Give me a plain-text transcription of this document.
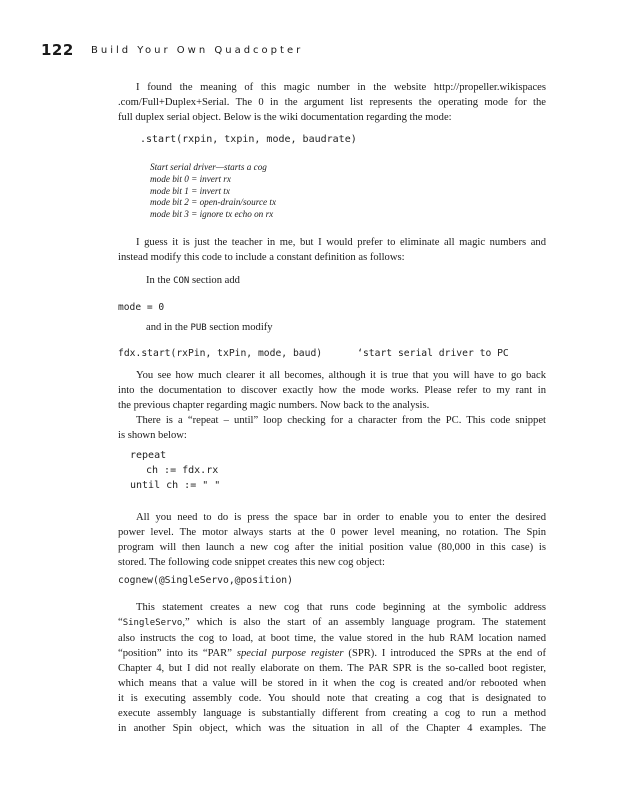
122 Build Your Own Quadcopter
I found the meaning of this magic number in the website http://propeller.wikispaces
.com/Full+Duplex+Serial. The 0 in the argument list represents the operating mode for the
full duplex serial object. Below is the wiki documentation regarding the mode:
.start(rxpin, txpin, mode, baudrate)
Start serial driver—starts a cog
mode bit 0 = invert rx
mode bit 1 = invert tx
mode bit 2 = open-drain/source tx
mode bit 3 = ignore tx echo on rx
I guess it is just the teacher in me, but I would prefer to eliminate all magic numbers and
instead modify this code to include a constant definition as follows:
In the CON section add
mode = 0
and in the PUB section modify
fdx.start(rxPin, txPin, mode, baud)      ‘start serial driver to PC
You see how much clearer it all becomes, although it is true that you will have to go back
into the documentation to discover exactly how the mode works. Please refer to my rant in
the previous chapter regarding magic numbers. Now back to the analysis.
There is a “repeat – until” loop checking for a character from the PC. This code snippet
is shown below:
repeat
ch := fdx.rx
until ch := " "
All you need to do is press the space bar in order to enable you to enter the desired
power level. The motor always starts at the 0 power level meaning, no rotation. The Spin
program will then launch a new cog after the initial position value (80,000 in this case) is
stored. The following code snippet creates this new cog object:
cognew(@SingleServo,@position)
This statement creates a new cog that runs code beginning at the symbolic address
“SingleServo,” which is also the start of an assembly language program. The statement
also instructs the cog to load, at boot time, the value stored in the hub RAM location named
“position” into its “PAR” special purpose register (SPR). I introduced the SPRs at the end of
Chapter 4, but I did not really elaborate on them. The PAR SPR is the so-called boot register,
which means that a value will be stored in it when the cog is created and/or rebooted when
it is executing assembly code. You should note that creating a cog that is designated to
execute assembly language is substantially different from creating a cog to run a method
in another Spin object, which was the situation in all of the Chapter 4 examples. The
